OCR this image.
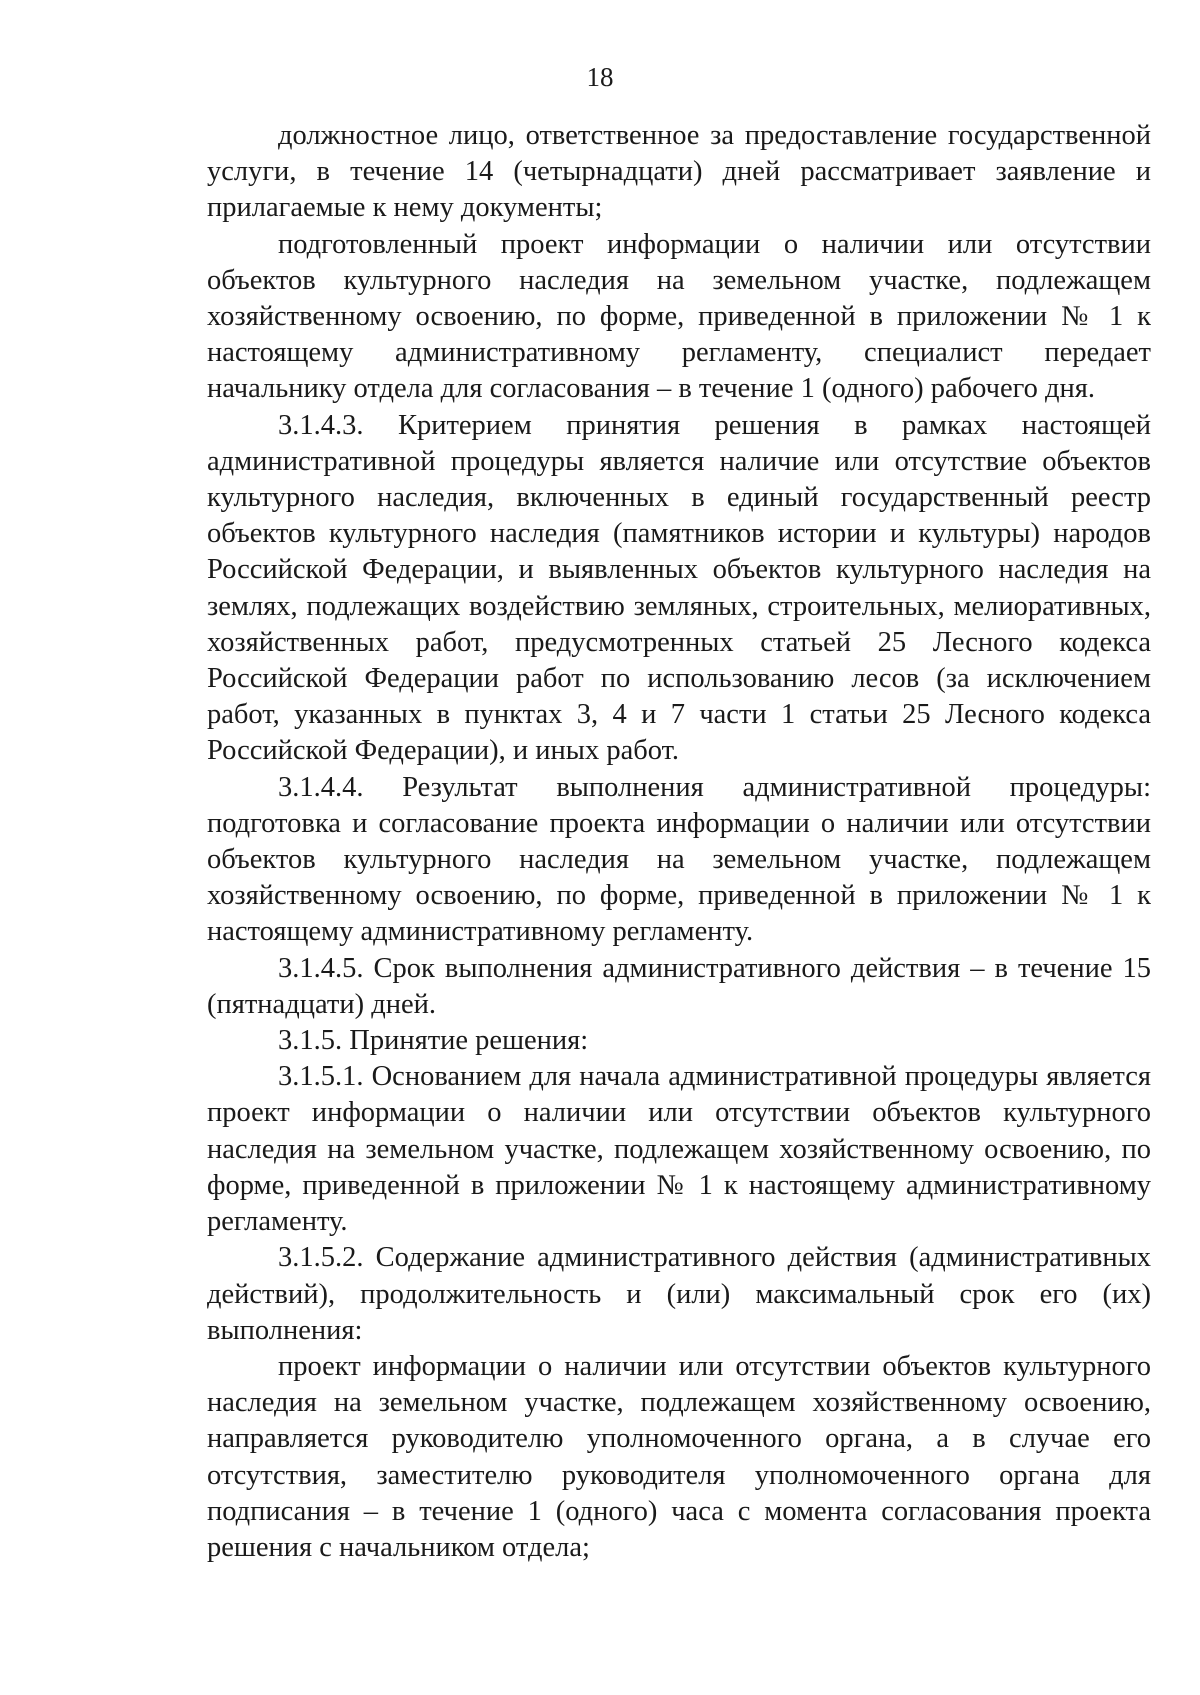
18

должностное лицо, ответственное за предоставление государственной услуги, в течение 14 (четырнадцати) дней рассматривает заявление и прилагаемые к нему документы;

подготовленный проект информации о наличии или отсутствии объектов культурного наследия на земельном участке, подлежащем хозяйственному освоению, по форме, приведенной в приложении № 1 к настоящему административному регламенту, специалист передает начальнику отдела для согласования – в течение 1 (одного) рабочего дня.

3.1.4.3. Критерием принятия решения в рамках настоящей административной процедуры является наличие или отсутствие объектов культурного наследия, включенных в единый государственный реестр объектов культурного наследия (памятников истории и культуры) народов Российской Федерации, и выявленных объектов культурного наследия на землях, подлежащих воздействию земляных, строительных, мелиоративных, хозяйственных работ, предусмотренных статьей 25 Лесного кодекса Российской Федерации работ по использованию лесов (за исключением работ, указанных в пунктах 3, 4 и 7 части 1 статьи 25 Лесного кодекса Российской Федерации), и иных работ.

3.1.4.4. Результат выполнения административной процедуры: подготовка и согласование проекта информации о наличии или отсутствии объектов культурного наследия на земельном участке, подлежащем хозяйственному освоению, по форме, приведенной в приложении № 1 к настоящему административному регламенту.

3.1.4.5. Срок выполнения административного действия – в течение 15 (пятнадцати) дней.

3.1.5. Принятие решения:

3.1.5.1. Основанием для начала административной процедуры является проект информации о наличии или отсутствии объектов культурного наследия на земельном участке, подлежащем хозяйственному освоению, по форме, приведенной в приложении № 1 к настоящему административному регламенту.

3.1.5.2. Содержание административного действия (административных действий), продолжительность и (или) максимальный срок его (их) выполнения:

проект информации о наличии или отсутствии объектов культурного наследия на земельном участке, подлежащем хозяйственному освоению, направляется руководителю уполномоченного органа, а в случае его отсутствия, заместителю руководителя уполномоченного органа для подписания – в течение 1 (одного) часа с момента согласования проекта решения с начальником отдела;
